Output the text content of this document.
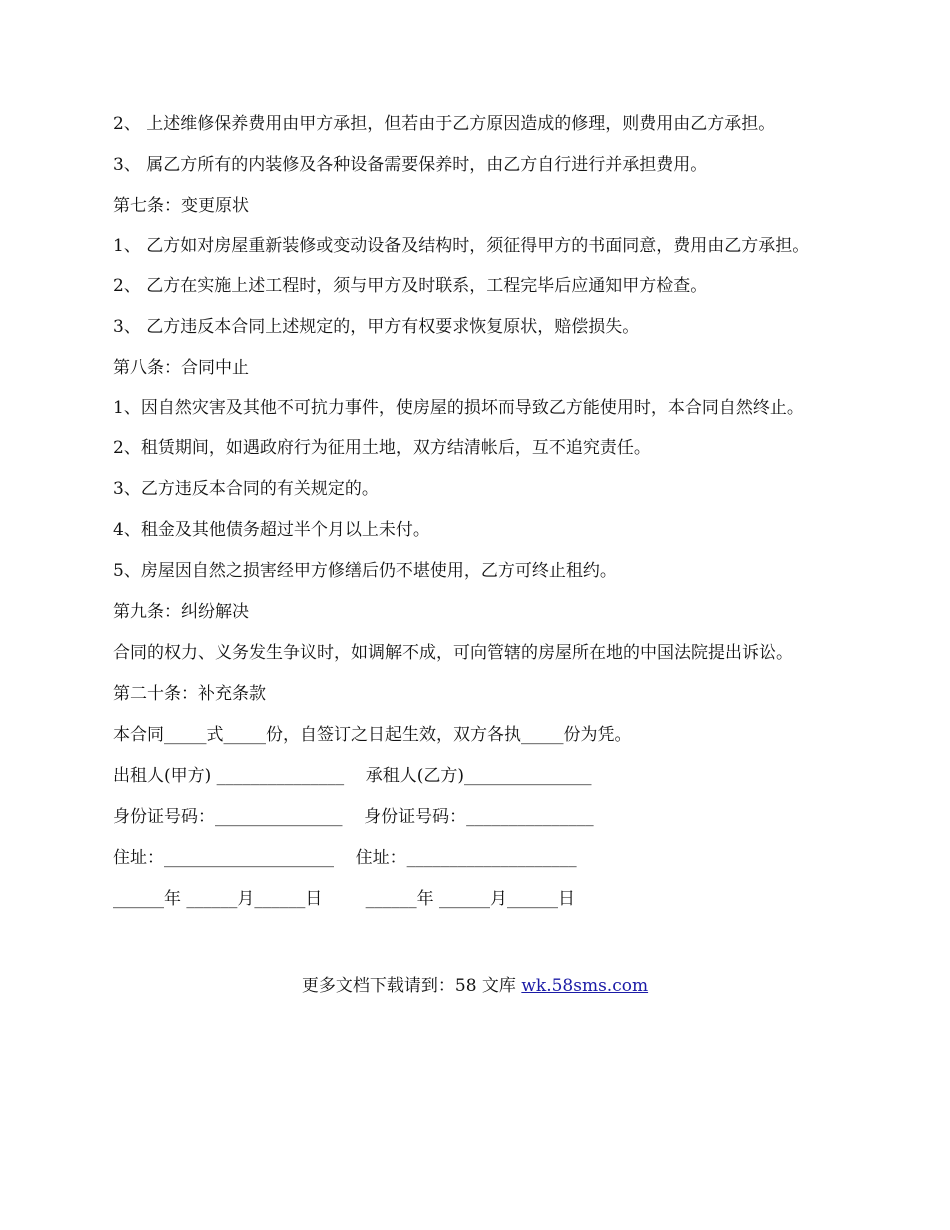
2、 上述维修保养费用由甲方承担，但若由于乙方原因造成的修理，则费用由乙方承担。
3、 属乙方所有的内装修及各种设备需要保养时，由乙方自行进行并承担费用。
第七条：变更原状
1、 乙方如对房屋重新装修或变动设备及结构时，须征得甲方的书面同意，费用由乙方承担。
2、 乙方在实施上述工程时，须与甲方及时联系，工程完毕后应通知甲方检查。
3、 乙方违反本合同上述规定的，甲方有权要求恢复原状，赔偿损失。
第八条：合同中止
1、因自然灾害及其他不可抗力事件，使房屋的损坏而导致乙方能使用时，本合同自然终止。
2、租赁期间，如遇政府行为征用土地，双方结清帐后，互不追究责任。
3、乙方违反本合同的有关规定的。
4、租金及其他债务超过半个月以上未付。
5、房屋因自然之损害经甲方修缮后仍不堪使用，乙方可终止租约。
第九条：纠纷解决
合同的权力、义务发生争议时，如调解不成，可向管辖的房屋所在地的中国法院提出诉讼。
第二十条：补充条款
本合同_____式_____份，自签订之日起生效，双方各执_____份为凭。
出租人(甲方) _______________    承租人(乙方)_______________
身份证号码：_______________    身份证号码：_______________
住址：____________________    住址：____________________
______年 ______月______日        ______年 ______月______日
更多文档下载请到：58 文库 wk.58sms.com
